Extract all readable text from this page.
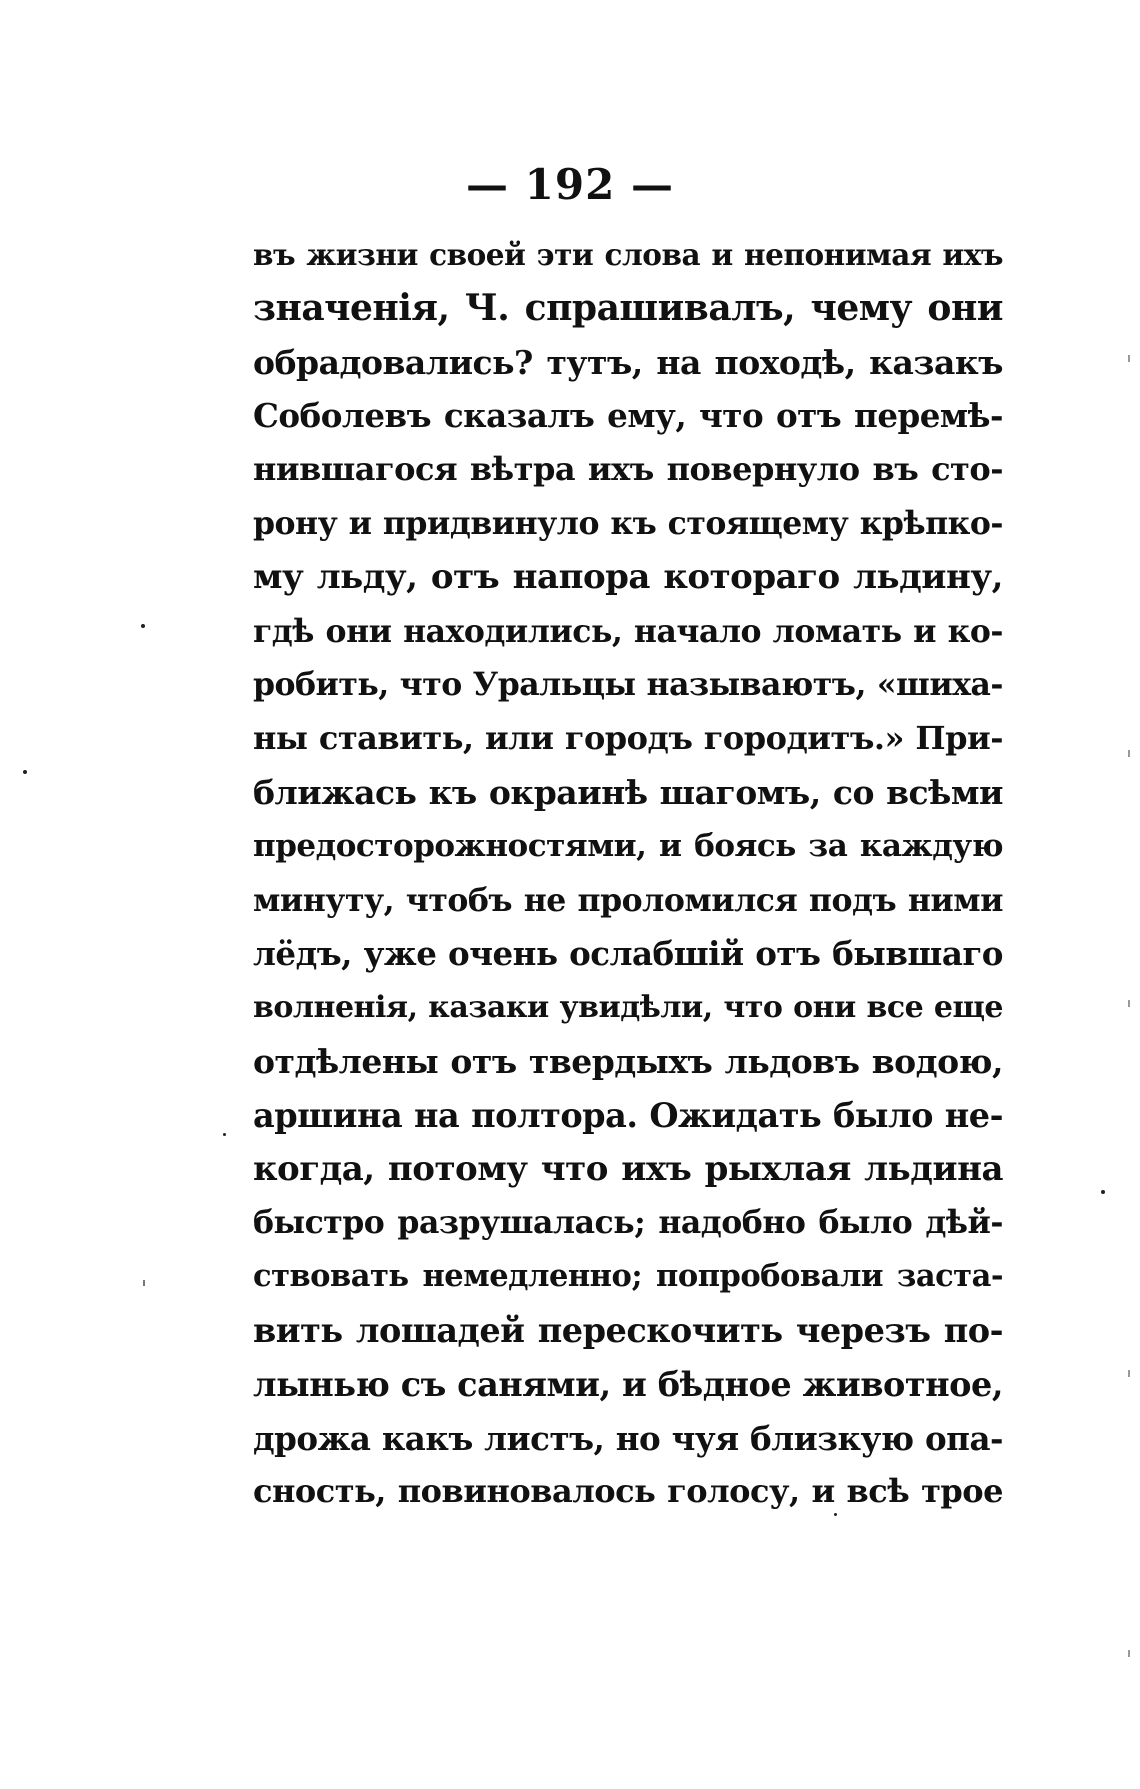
— 192 —
въ жизни своей эти слова и непонимая ихъ
значенія, Ч. спрашивалъ, чему они
обрадовались? тутъ, на походѣ, казакъ
Соболевъ сказалъ ему, что отъ перемѣ-
нившагося вѣтра ихъ повернуло въ сто-
рону и придвинуло къ стоящему крѣпко-
му льду, отъ напора котораго льдину,
гдѣ они находились, начало ломать и ко-
робить, что Уральцы называютъ, «шиха-
ны ставить, или городъ городитъ.» При-
ближась къ окраинѣ шагомъ, со всѣми
предосторожностями, и боясь за каждую
минуту, чтобъ не проломился подъ ними
лёдъ, уже очень ослабшій отъ бывшаго
волненія, казаки увидѣли, что они все еще
отдѣлены отъ твердыхъ льдовъ водою,
аршина на полтора. Ожидать было не-
когда, потому что ихъ рыхлая льдина
быстро разрушалась; надобно было дѣй-
ствовать немедленно; попробовали заста-
вить лошадей перескочить черезъ по-
лынью съ санями, и бѣдное животное,
дрожа какъ листъ, но чуя близкую опа-
сность, повиновалось голосу, и всѣ трое
